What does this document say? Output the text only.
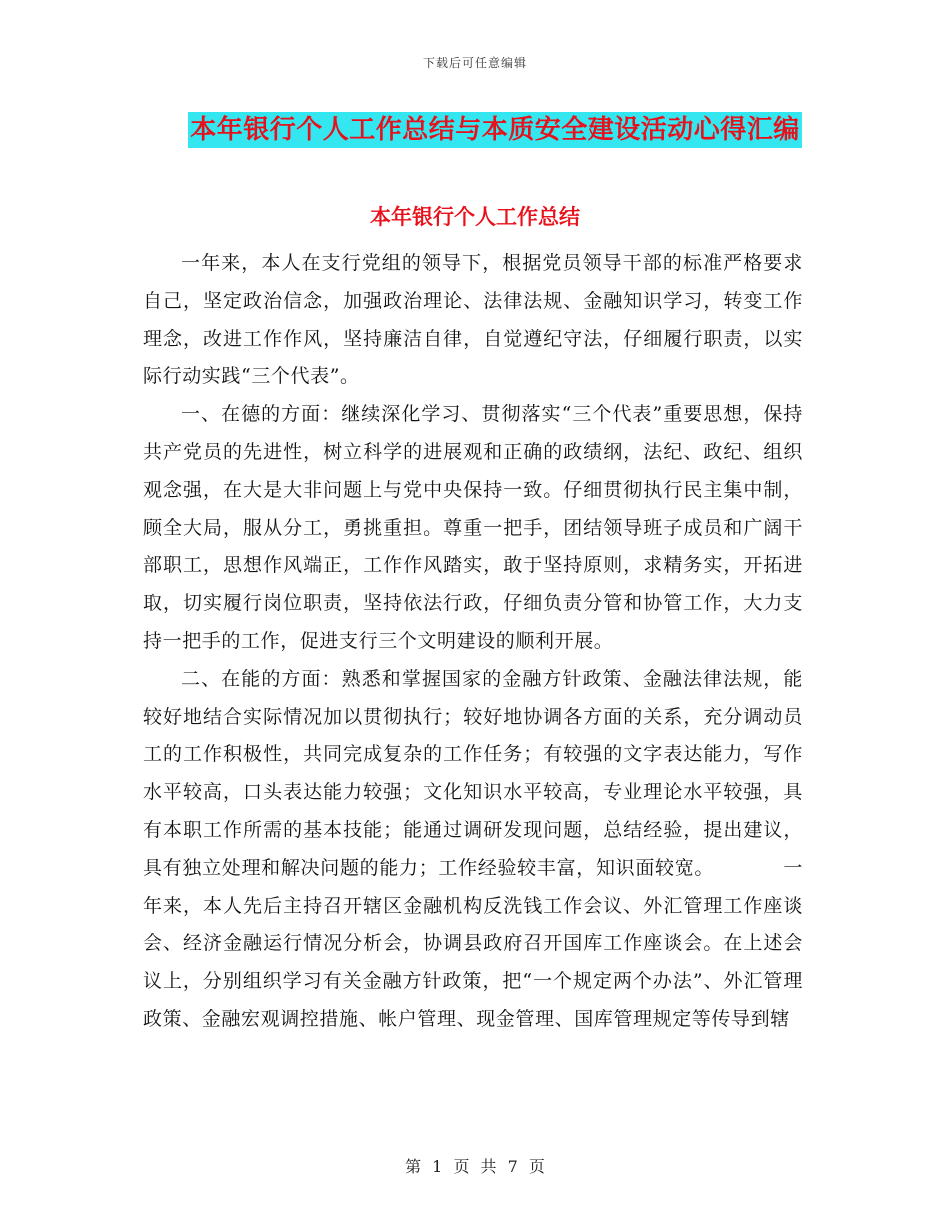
下载后可任意编辑
本年银行个人工作总结与本质安全建设活动心得汇编
本年银行个人工作总结

一年来，本人在支行党组的领导下，根据党员领导干部的标准严格要求自己，坚定政治信念，加强政治理论、法律法规、金融知识学习，转变工作理念，改进工作作风，坚持廉洁自律，自觉遵纪守法，仔细履行职责，以实际行动实践“三个代表”。

一、在德的方面：继续深化学习、贯彻落实“三个代表”重要思想，保持共产党员的先进性，树立科学的进展观和正确的政绩纲，法纪、政纪、组织观念强，在大是大非问题上与党中央保持一致。仔细贯彻执行民主集中制，顾全大局，服从分工，勇挑重担。尊重一把手，团结领导班子成员和广阔干部职工，思想作风端正，工作作风踏实，敢于坚持原则，求精务实，开拓进取，切实履行岗位职责，坚持依法行政，仔细负责分管和协管工作，大力支持一把手的工作，促进支行三个文明建设的顺利开展。

二、在能的方面：熟悉和掌握国家的金融方针政策、金融法律法规，能较好地结合实际情况加以贯彻执行；较好地协调各方面的关系，充分调动员工的工作积极性，共同完成复杂的工作任务；有较强的文字表达能力，写作水平较高，口头表达能力较强；文化知识水平较高，专业理论水平较强，具有本职工作所需的基本技能；能通过调研发现问题，总结经验，提出建议，具有独立处理和解决问题的能力；工作经验较丰富，知识面较宽。　　　　一年来，本人先后主持召开辖区金融机构反洗钱工作会议、外汇管理工作座谈会、经济金融运行情况分析会，协调县政府召开国库工作座谈会。在上述会议上，分别组织学习有关金融方针政策，把“一个规定两个办法”、外汇管理政策、金融宏观调控措施、帐户管理、现金管理、国库管理规定等传导到辖

第 1 页 共 7 页
